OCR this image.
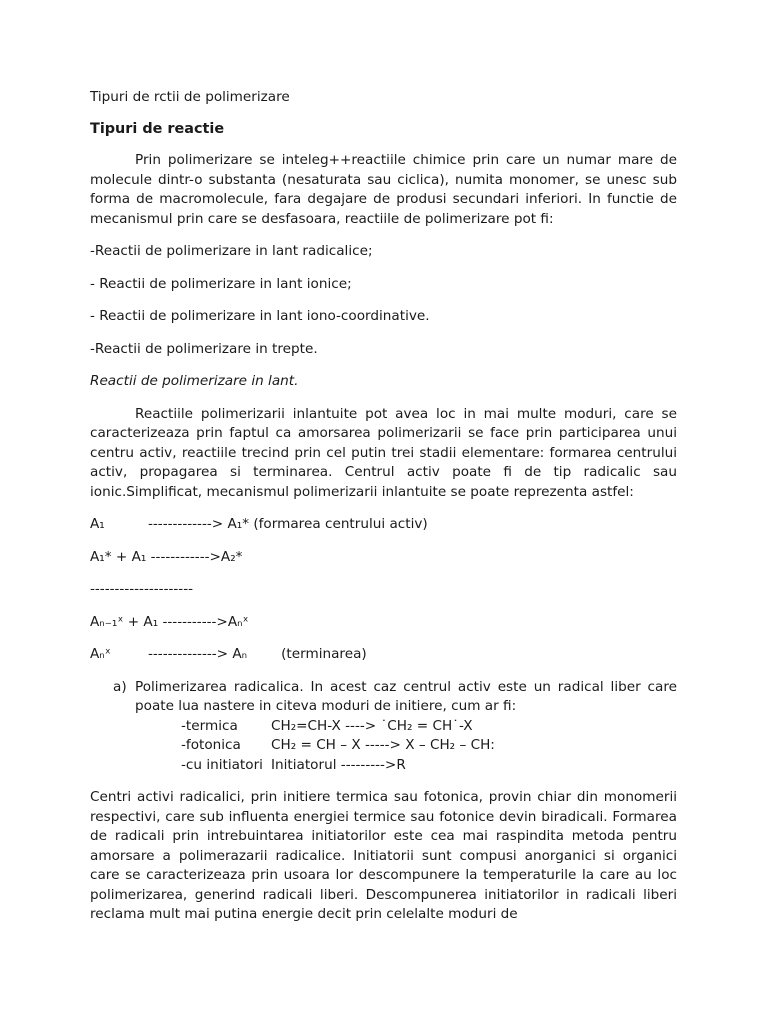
Tipuri de rctii de polimerizare
Tipuri de reactie

Prin polimerizare se inteleg++reactiile chimice prin care un numar mare de molecule dintr-o substanta (nesaturata sau ciclica), numita monomer, se unesc sub forma de macromolecule, fara degajare de produsi secundari inferiori. In functie de mecanismul prin care se desfasoara, reactiile de polimerizare pot fi:

-Reactii de polimerizare in lant radicalice;

- Reactii de polimerizare in lant ionice;

- Reactii de polimerizare in lant iono-coordinative.

-Reactii de polimerizare in trepte.

Reactii de polimerizare in lant.

Reactiile polimerizarii inlantuite pot avea loc in mai multe moduri, care se caracterizeaza prin faptul ca amorsarea polimerizarii se face prin participarea unui centru activ, reactiile trecind prin cel putin trei stadii elementare: formarea centrului activ, propagarea si terminarea. Centrul activ poate fi de tip radicalic sau ionic.Simplificat, mecanismul polimerizarii inlantuite se poate reprezenta astfel:

A₁	-------------> A₁* (formarea centrului activ)
A₁* + A₁ ------------>A₂*
---------------------
Aₙ₋₁ˣ + A₁ ----------->Aₙˣ
Aₙˣ	--------------> Aₙ	(terminarea)
a) Polimerizarea radicalica. In acest caz centrul activ este un radical liber care poate lua nastere in citeva moduri de initiere, cum ar fi:
-termica CH₂=CH-X ----> ˙CH₂ = CH˙-X
-fotonica CH₂ = CH – X -----> X – CH₂ – CH:
-cu initiatori Initiatorul --------->R

Centri activi radicalici, prin initiere termica sau fotonica, provin chiar din monomerii respectivi, care sub influenta energiei termice sau fotonice devin biradicali. Formarea de radicali prin intrebuintarea initiatorilor este cea mai raspindita metoda pentru amorsare a polimerazarii radicalice. Initiatorii sunt compusi anorganici si organici care se caracterizeaza prin usoara lor descompunere la temperaturile la care au loc polimerizarea, generind radicali liberi. Descompunerea initiatorilor in radicali liberi reclama mult mai putina energie decit prin celelalte moduri de
